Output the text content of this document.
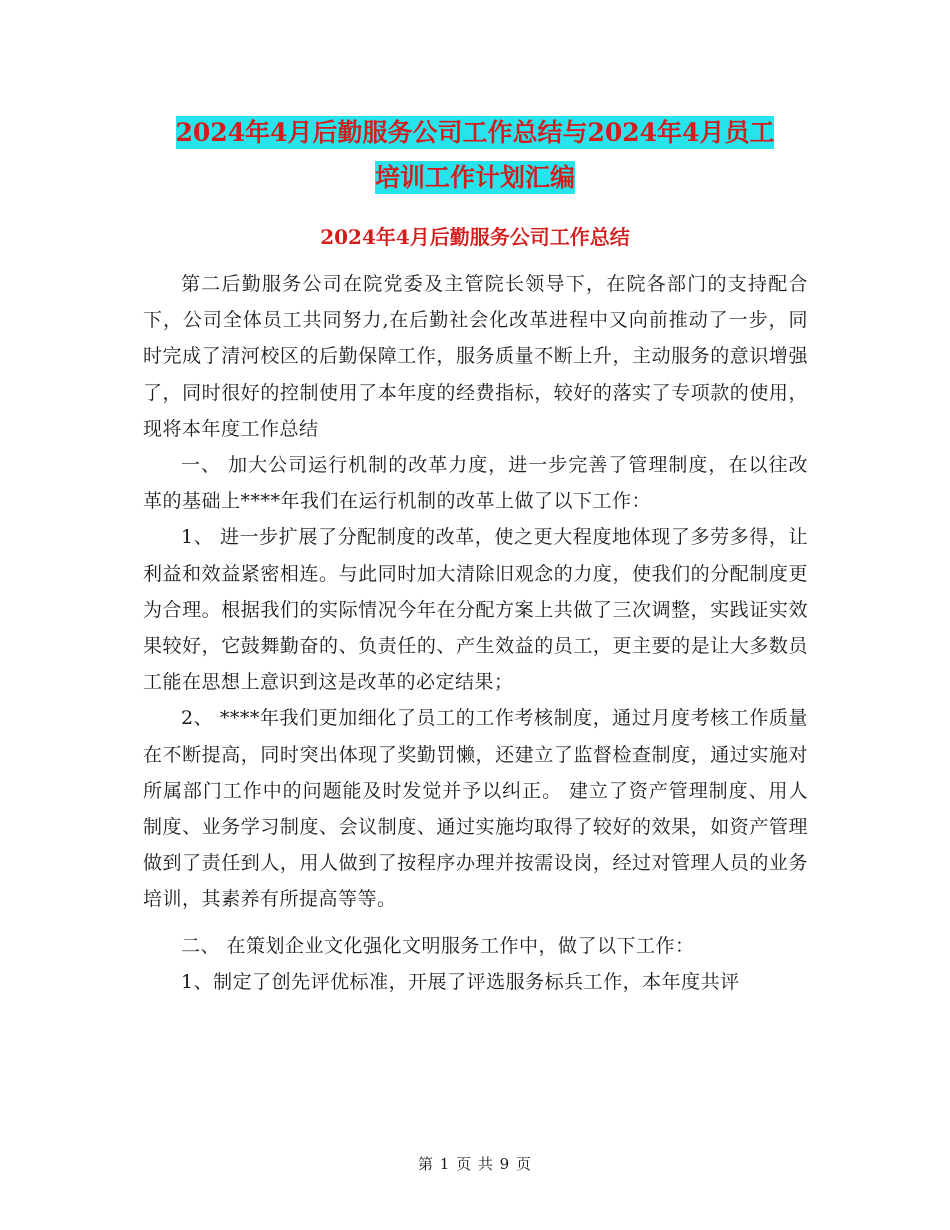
2024年4月后勤服务公司工作总结与2024年4月员工
培训工作计划汇编
2024年4月后勤服务公司工作总结

第二后勤服务公司在院党委及主管院长领导下，在院各部门的支持配合下，公司全体员工共同努力,在后勤社会化改革进程中又向前推动了一步，同时完成了清河校区的后勤保障工作，服务质量不断上升，主动服务的意识增强了，同时很好的控制使用了本年度的经费指标，较好的落实了专项款的使用，现将本年度工作总结

一、 加大公司运行机制的改革力度，进一步完善了管理制度，在以往改革的基础上****年我们在运行机制的改革上做了以下工作：

1、 进一步扩展了分配制度的改革，使之更大程度地体现了多劳多得，让利益和效益紧密相连。与此同时加大清除旧观念的力度，使我们的分配制度更为合理。根据我们的实际情况今年在分配方案上共做了三次调整，实践证实效果较好，它鼓舞勤奋的、负责任的、产生效益的员工，更主要的是让大多数员工能在思想上意识到这是改革的必定结果；

2、 ****年我们更加细化了员工的工作考核制度，通过月度考核工作质量在不断提高，同时突出体现了奖勤罚懒，还建立了监督检查制度，通过实施对所属部门工作中的问题能及时发觉并予以纠正。 建立了资产管理制度、用人制度、业务学习制度、会议制度、通过实施均取得了较好的效果，如资产管理做到了责任到人，用人做到了按程序办理并按需设岗，经过对管理人员的业务培训，其素养有所提高等等。

二、 在策划企业文化强化文明服务工作中，做了以下工作：

1、制定了创先评优标准，开展了评选服务标兵工作，本年度共评

第 1 页 共 9 页
